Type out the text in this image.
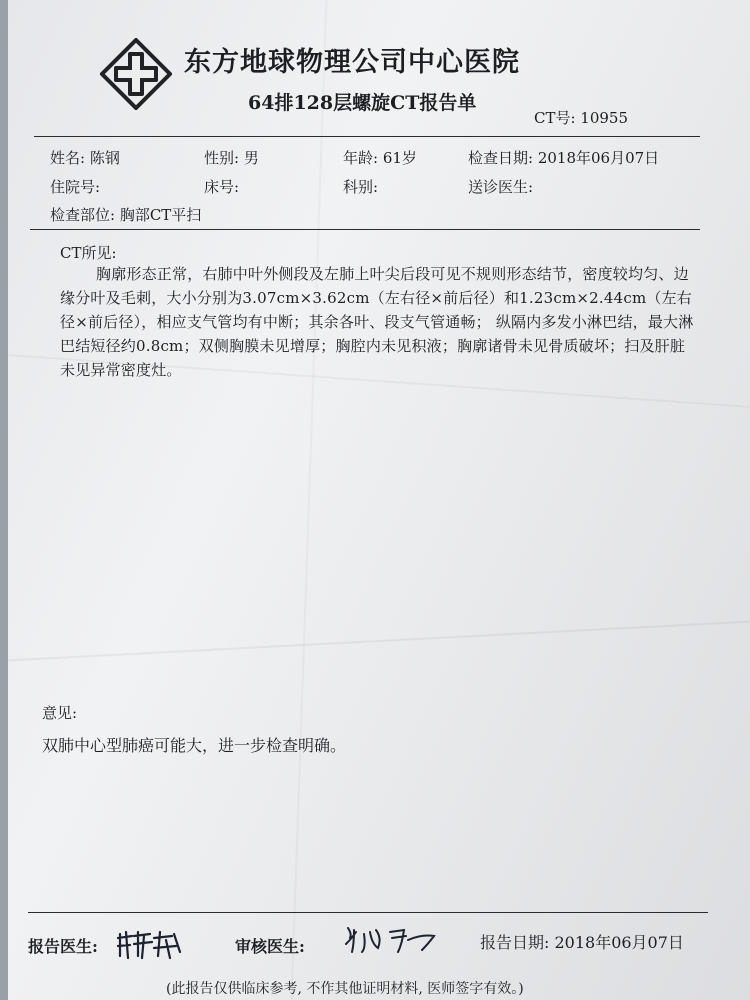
东方地球物理公司中心医院
64排128层螺旋CT报告单
CT号: 10955
姓名: 陈钢	性别: 男	年龄: 61岁	检查日期: 2018年06月07日
住院号:	床号:	科别:	送诊医生:
检查部位: 胸部CT平扫
CT所见:
胸廓形态正常，右肺中叶外侧段及左肺上叶尖后段可见不规则形态结节，密度较均匀、边缘分叶及毛刺，大小分别为3.07cm×3.62cm（左右径×前后径）和1.23cm×2.44cm（左右径×前后径），相应支气管均有中断；其余各叶、段支气管通畅； 纵隔内多发小淋巴结，最大淋巴结短径约0.8cm；双侧胸膜未见增厚；胸腔内未见积液；胸廓诸骨未见骨质破坏；扫及肝脏未见异常密度灶。
意见:
双肺中心型肺癌可能大，进一步检查明确。
报告医生:	审核医生:	报告日期: 2018年06月07日
(此报告仅供临床参考, 不作其他证明材料, 医师签字有效。)
